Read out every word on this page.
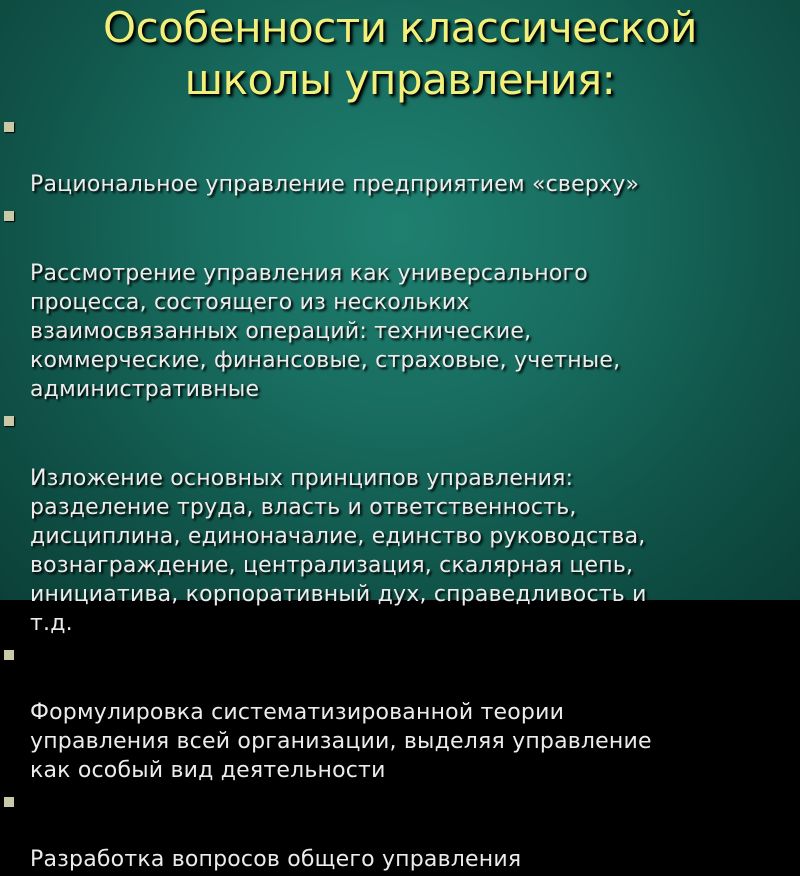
Особенности классической
школы управления:

Рациональное управление предприятием «сверху»

Рассмотрение управления как универсального
процесса, состоящего из нескольких
взаимосвязанных операций: технические,
коммерческие, финансовые, страховые, учетные,
административные

Изложение основных принципов управления:
разделение труда, власть и ответственность,
дисциплина, единоначалие, единство руководства,
вознаграждение, централизация, скалярная цепь,
инициатива, корпоративный дух, справедливость и
т.д.

Формулировка систематизированной теории
управления всей организации, выделяя управление
как особый вид деятельности

Разработка вопросов общего управления
